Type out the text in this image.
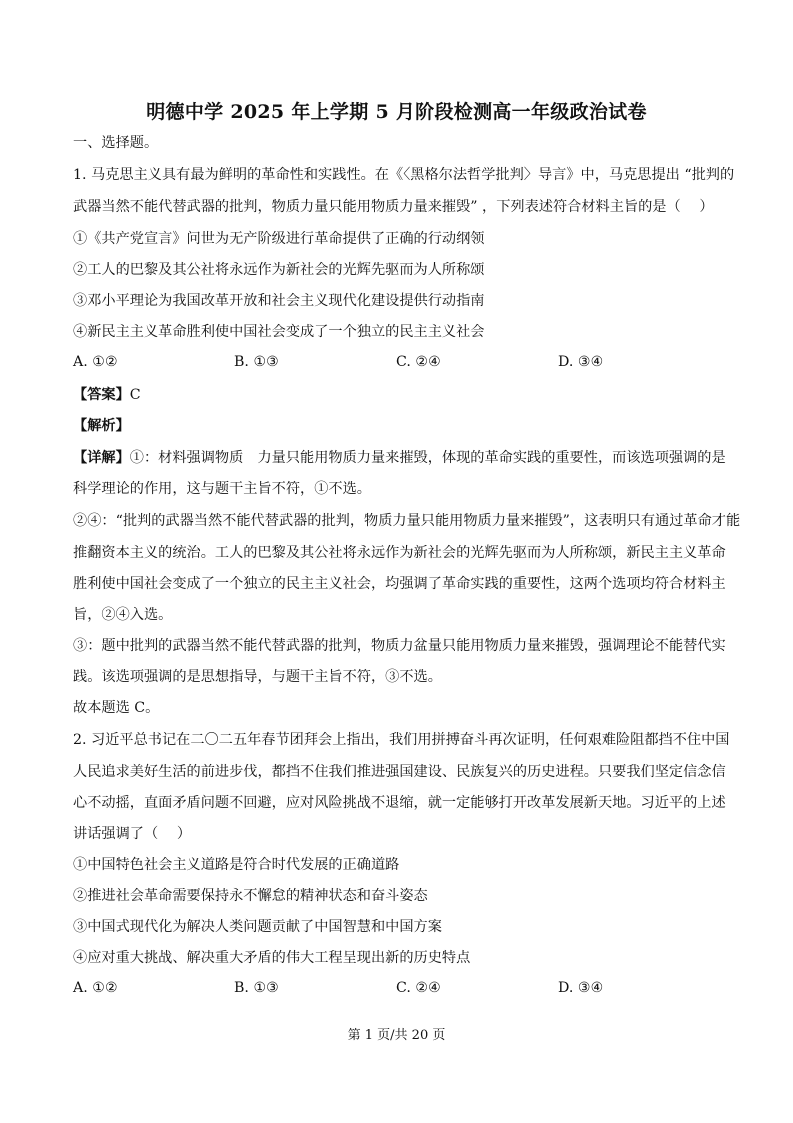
明德中学 2025 年上学期 5 月阶段检测高一年级政治试卷
一、选择题。
1. 马克思主义具有最为鲜明的革命性和实践性。在《〈黑格尔法哲学批判〉导言》中，马克思提出 “批判的
武器当然不能代替武器的批判，物质力量只能用物质力量来摧毁” ，下列表述符合材料主旨的是（　 ）
①《共产党宣言》问世为无产阶级进行革命提供了正确的行动纲领
②工人的巴黎及其公社将永远作为新社会的光辉先驱而为人所称颂
③邓小平理论为我国改革开放和社会主义现代化建设提供行动指南
④新民主主义革命胜利使中国社会变成了一个独立的民主主义社会
A. ①②	B. ①③	C. ②④	D. ③④
【答案】C
【解析】
【详解】①：材料强调物质　力量只能用物质力量来摧毁，体现的革命实践的重要性，而该选项强调的是
科学理论的作用，这与题干主旨不符，①不选。
②④：“批判的武器当然不能代替武器的批判，物质力量只能用物质力量来摧毁”，这表明只有通过革命才能
推翻资本主义的统治。工人的巴黎及其公社将永远作为新社会的光辉先驱而为人所称颂，新民主主义革命
胜利使中国社会变成了一个独立的民主主义社会，均强调了革命实践的重要性，这两个选项均符合材料主
旨，②④入选。
③：题中批判的武器当然不能代替武器的批判，物质力盆量只能用物质力量来摧毁，强调理论不能替代实
践。该选项强调的是思想指导，与题干主旨不符，③不选。
故本题选 C。
2. 习近平总书记在二〇二五年春节团拜会上指出，我们用拼搏奋斗再次证明，任何艰难险阻都挡不住中国
人民追求美好生活的前进步伐，都挡不住我们推进强国建设、民族复兴的历史进程。只要我们坚定信念信
心不动摇，直面矛盾问题不回避，应对风险挑战不退缩，就一定能够打开改革发展新天地。习近平的上述
讲话强调了（　 ）
①中国特色社会主义道路是符合时代发展的正确道路
②推进社会革命需要保持永不懈怠的精神状态和奋斗姿态
③中国式现代化为解决人类问题贡献了中国智慧和中国方案
④应对重大挑战、解决重大矛盾的伟大工程呈现出新的历史特点
A. ①②	B. ①③	C. ②④	D. ③④
第 1 页/共 20 页
